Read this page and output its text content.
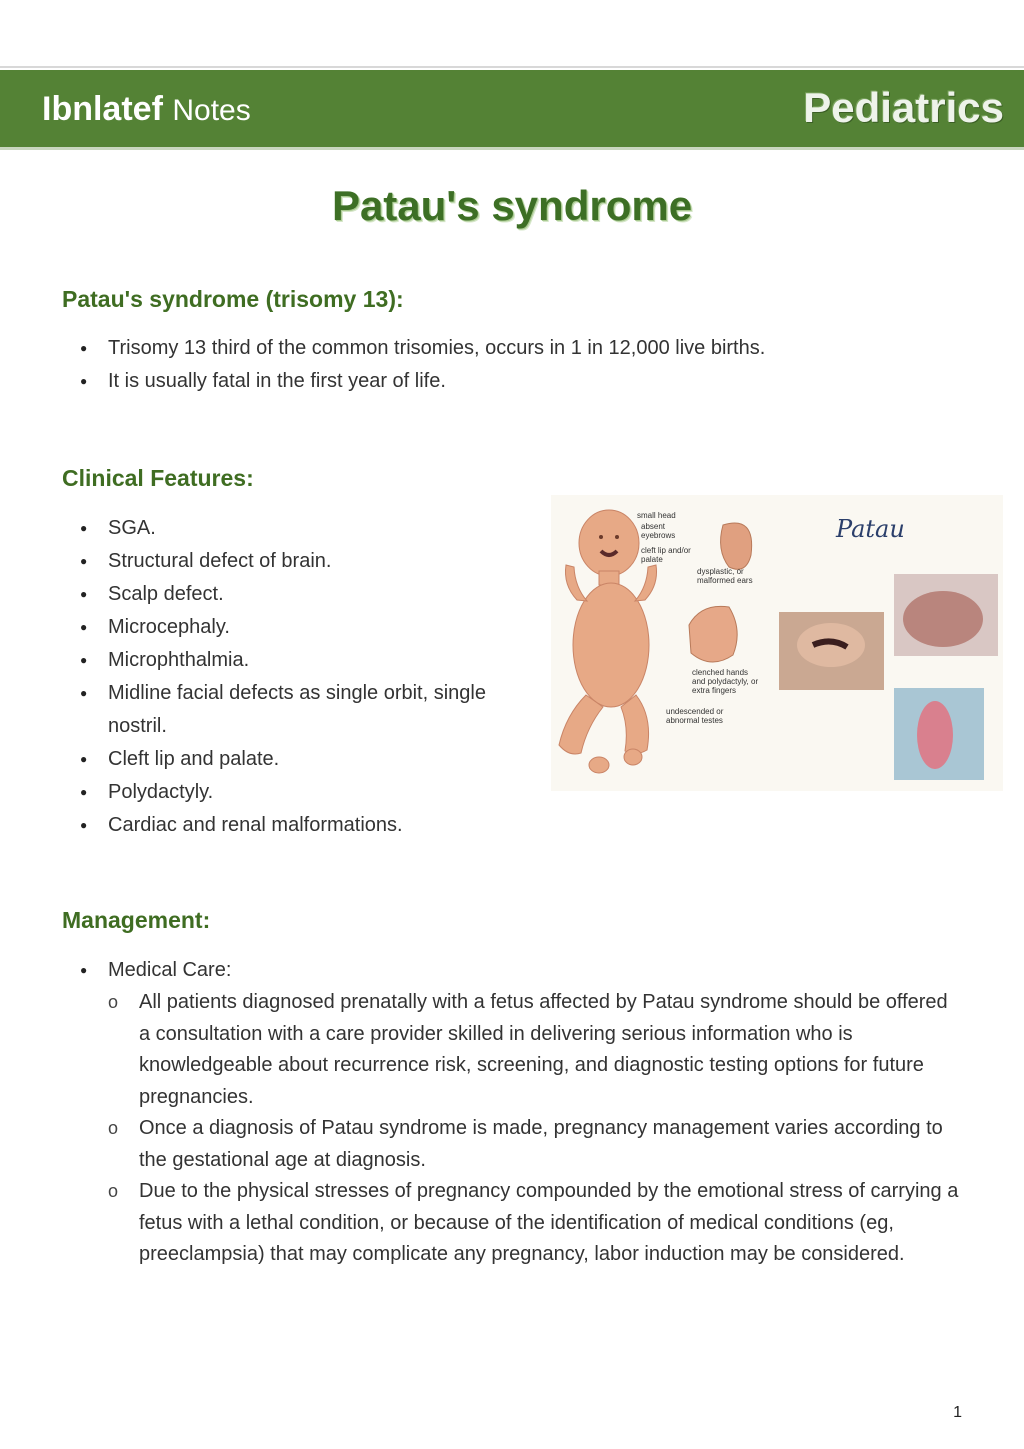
Ibnlatef Notes	Pediatrics
Patau's syndrome
Patau's syndrome (trisomy 13):
● Trisomy 13 third of the common trisomies, occurs in 1 in 12,000 live births.
● It is usually fatal in the first year of life.
Clinical Features:
● SGA.
● Structural defect of brain.
● Scalp defect.
● Microcephaly.
● Microphthalmia.
● Midline facial defects as single orbit, single nostril.
● Cleft lip and palate.
● Polydactyly.
● Cardiac and renal malformations.
Patau
small head
absent eyebrows
cleft lip and/or palate
dysplastic, or malformed ears
clenched hands and polydactyly, or extra fingers
undescended or abnormal testes
Management:
● Medical Care:
o All patients diagnosed prenatally with a fetus affected by Patau syndrome should be offered a consultation with a care provider skilled in delivering serious information who is knowledgeable about recurrence risk, screening, and diagnostic testing options for future pregnancies.
o Once a diagnosis of Patau syndrome is made, pregnancy management varies according to the gestational age at diagnosis.
o Due to the physical stresses of pregnancy compounded by the emotional stress of carrying a fetus with a lethal condition, or because of the identification of medical conditions (eg, preeclampsia) that may complicate any pregnancy, labor induction may be considered.
1
